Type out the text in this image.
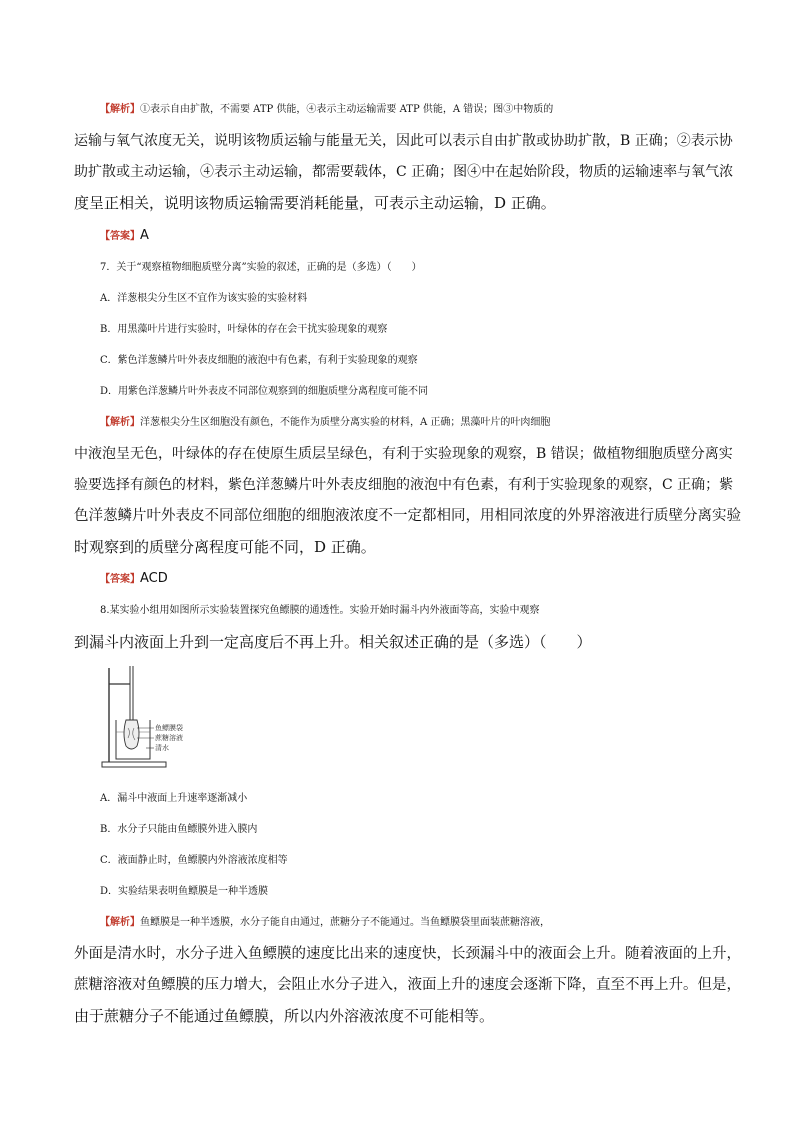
【解析】①表示自由扩散，不需要 ATP 供能，④表示主动运输需要 ATP 供能，A 错误；图③中物质的
运输与氧气浓度无关，说明该物质运输与能量无关，因此可以表示自由扩散或协助扩散，B 正确；②表示协
助扩散或主动运输，④表示主动运输，都需要载体，C 正确；图④中在起始阶段，物质的运输速率与氧气浓
度呈正相关，说明该物质运输需要消耗能量，可表示主动运输，D 正确。
【答案】A
7．关于“观察植物细胞质壁分离”实验的叙述，正确的是（多选）（　　）
A．洋葱根尖分生区不宜作为该实验的实验材料
B．用黑藻叶片进行实验时，叶绿体的存在会干扰实验现象的观察
C．紫色洋葱鳞片叶外表皮细胞的液泡中有色素，有利于实验现象的观察
D．用紫色洋葱鳞片叶外表皮不同部位观察到的细胞质壁分离程度可能不同
【解析】洋葱根尖分生区细胞没有颜色，不能作为质壁分离实验的材料，A 正确；黑藻叶片的叶肉细胞
中液泡呈无色，叶绿体的存在使原生质层呈绿色，有利于实验现象的观察，B 错误；做植物细胞质壁分离实
验要选择有颜色的材料，紫色洋葱鳞片叶外表皮细胞的液泡中有色素，有利于实验现象的观察，C 正确；紫
色洋葱鳞片叶外表皮不同部位细胞的细胞液浓度不一定都相同，用相同浓度的外界溶液进行质壁分离实验
时观察到的质壁分离程度可能不同，D 正确。
【答案】ACD
8.某实验小组用如图所示实验装置探究鱼鳔膜的通透性。实验开始时漏斗内外液面等高，实验中观察
到漏斗内液面上升到一定高度后不再上升。相关叙述正确的是（多选）（　　）
鱼鳔膜袋
蔗糖溶液
清水
A．漏斗中液面上升速率逐渐减小
B．水分子只能由鱼鳔膜外进入膜内
C．液面静止时，鱼鳔膜内外溶液浓度相等
D．实验结果表明鱼鳔膜是一种半透膜
【解析】鱼鳔膜是一种半透膜，水分子能自由通过，蔗糖分子不能通过。当鱼鳔膜袋里面装蔗糖溶液，
外面是清水时，水分子进入鱼鳔膜的速度比出来的速度快，长颈漏斗中的液面会上升。随着液面的上升，
蔗糖溶液对鱼鳔膜的压力增大，会阻止水分子进入，液面上升的速度会逐渐下降，直至不再上升。但是，
由于蔗糖分子不能通过鱼鳔膜，所以内外溶液浓度不可能相等。
